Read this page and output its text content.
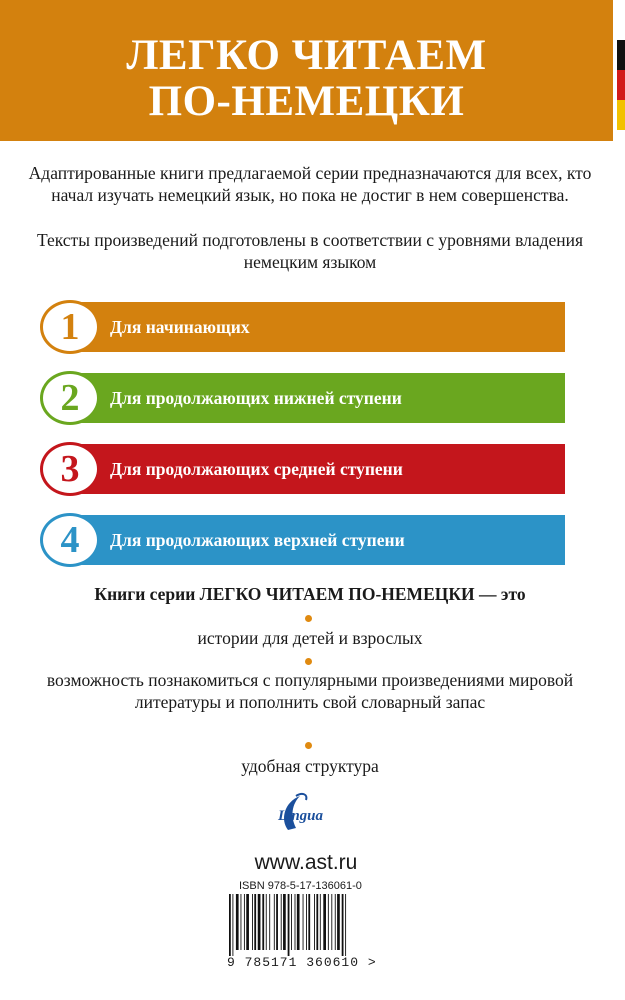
ЛЕГКО ЧИТАЕМ
ПО-НЕМЕЦКИ
Адаптированные книги предлагаемой серии предназначаются для всех, кто начал изучать немецкий язык, но пока не достиг в нем совершенства.
Тексты произведений подготовлены в соответствии с уровнями владения немецким языком
1	Для начинающих
2	Для продолжающих нижней ступени
3	Для продолжающих средней ступени
4	Для продолжающих верхней ступени
Книги серии ЛЕГКО ЧИТАЕМ ПО-НЕМЕЦКИ — это
истории для детей и взрослых
возможность познакомиться с популярными произведениями мировой литературы и пополнить свой словарный запас
удобная структура
Lingua
www.ast.ru
ISBN 978-5-17-136061-0
9 785171 360610 >
